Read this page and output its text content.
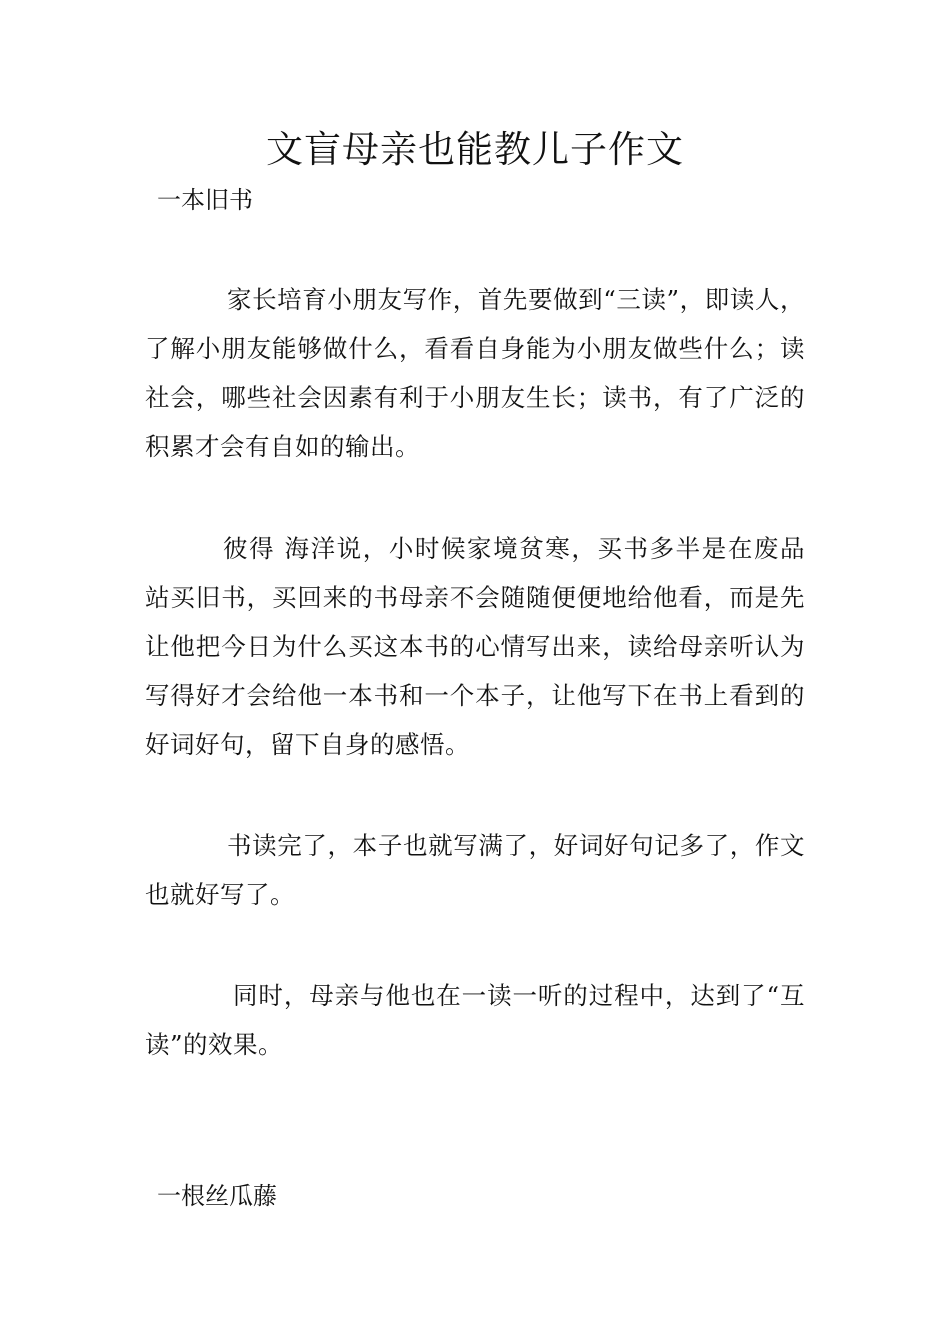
文盲母亲也能教儿子作文
一本旧书

家长培育小朋友写作，首先要做到“三读”，即读人，了解小朋友能够做什么，看看自身能为小朋友做些什么；读社会，哪些社会因素有利于小朋友生长；读书，有了广泛的积累才会有自如的输出。

彼得 海洋说，小时候家境贫寒，买书多半是在废品站买旧书，买回来的书母亲不会随随便便地给他看，而是先让他把今日为什么买这本书的心情写出来，读给母亲听认为写得好才会给他一本书和一个本子，让他写下在书上看到的好词好句，留下自身的感悟。

书读完了，本子也就写满了，好词好句记多了，作文也就好写了。

同时，母亲与他也在一读一听的过程中，达到了“互读”的效果。

一根丝瓜藤
